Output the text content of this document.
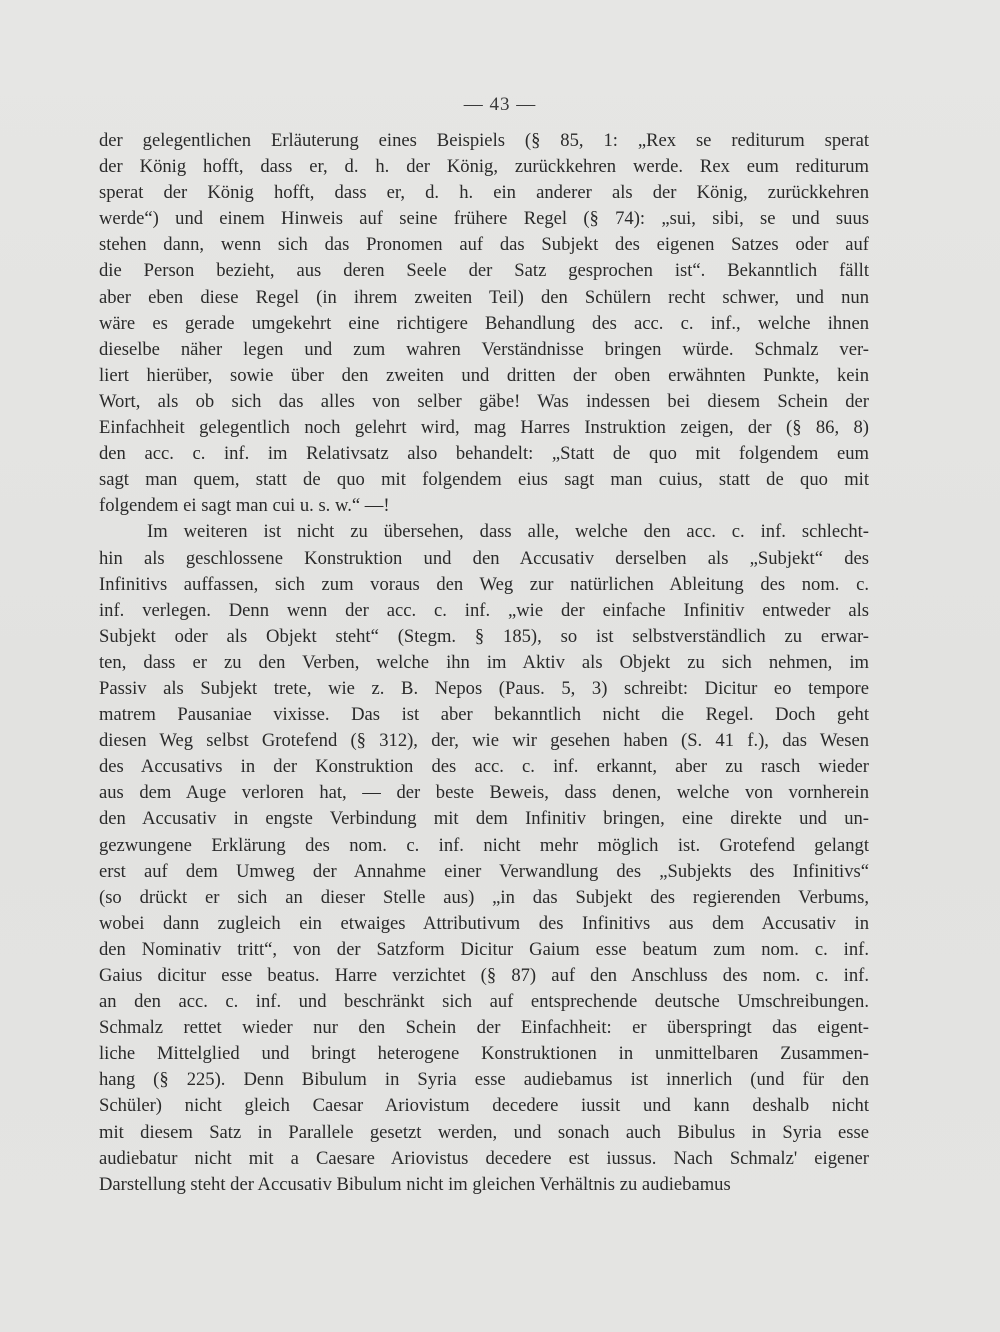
— 43 —
der gelegentlichen Erläuterung eines Beispiels (§ 85, 1: „Rex se rediturum sperat
der König hofft, dass er, d. h. der König, zurückkehren werde. Rex eum rediturum
sperat der König hofft, dass er, d. h. ein anderer als der König, zurückkehren
werde“) und einem Hinweis auf seine frühere Regel (§ 74): „sui, sibi, se und suus
stehen dann, wenn sich das Pronomen auf das Subjekt des eigenen Satzes oder auf
die Person bezieht, aus deren Seele der Satz gesprochen ist“. Bekanntlich fällt
aber eben diese Regel (in ihrem zweiten Teil) den Schülern recht schwer, und nun
wäre es gerade umgekehrt eine richtigere Behandlung des acc. c. inf., welche ihnen
dieselbe näher legen und zum wahren Verständnisse bringen würde. Schmalz ver-
liert hierüber, sowie über den zweiten und dritten der oben erwähnten Punkte, kein
Wort, als ob sich das alles von selber gäbe! Was indessen bei diesem Schein der
Einfachheit gelegentlich noch gelehrt wird, mag Harres Instruktion zeigen, der (§ 86, 8)
den acc. c. inf. im Relativsatz also behandelt: „Statt de quo mit folgendem eum
sagt man quem, statt de quo mit folgendem eius sagt man cuius, statt de quo mit
folgendem ei sagt man cui u. s. w.“ —!
Im weiteren ist nicht zu übersehen, dass alle, welche den acc. c. inf. schlecht-
hin als geschlossene Konstruktion und den Accusativ derselben als „Subjekt“ des
Infinitivs auffassen, sich zum voraus den Weg zur natürlichen Ableitung des nom. c.
inf. verlegen. Denn wenn der acc. c. inf. „wie der einfache Infinitiv entweder als
Subjekt oder als Objekt steht“ (Stegm. § 185), so ist selbstverständlich zu erwar-
ten, dass er zu den Verben, welche ihn im Aktiv als Objekt zu sich nehmen, im
Passiv als Subjekt trete, wie z. B. Nepos (Paus. 5, 3) schreibt: Dicitur eo tempore
matrem Pausaniae vixisse. Das ist aber bekanntlich nicht die Regel. Doch geht
diesen Weg selbst Grotefend (§ 312), der, wie wir gesehen haben (S. 41 f.), das Wesen
des Accusativs in der Konstruktion des acc. c. inf. erkannt, aber zu rasch wieder
aus dem Auge verloren hat, — der beste Beweis, dass denen, welche von vornherein
den Accusativ in engste Verbindung mit dem Infinitiv bringen, eine direkte und un-
gezwungene Erklärung des nom. c. inf. nicht mehr möglich ist. Grotefend gelangt
erst auf dem Umweg der Annahme einer Verwandlung des „Subjekts des Infinitivs“
(so drückt er sich an dieser Stelle aus) „in das Subjekt des regierenden Verbums,
wobei dann zugleich ein etwaiges Attributivum des Infinitivs aus dem Accusativ in
den Nominativ tritt“, von der Satzform Dicitur Gaium esse beatum zum nom. c. inf.
Gaius dicitur esse beatus. Harre verzichtet (§ 87) auf den Anschluss des nom. c. inf.
an den acc. c. inf. und beschränkt sich auf entsprechende deutsche Umschreibungen.
Schmalz rettet wieder nur den Schein der Einfachheit: er überspringt das eigent-
liche Mittelglied und bringt heterogene Konstruktionen in unmittelbaren Zusammen-
hang (§ 225). Denn Bibulum in Syria esse audiebamus ist innerlich (und für den
Schüler) nicht gleich Caesar Ariovistum decedere iussit und kann deshalb nicht
mit diesem Satz in Parallele gesetzt werden, und sonach auch Bibulus in Syria esse
audiebatur nicht mit a Caesare Ariovistus decedere est iussus. Nach Schmalz' eigener
Darstellung steht der Accusativ Bibulum nicht im gleichen Verhältnis zu audiebamus
